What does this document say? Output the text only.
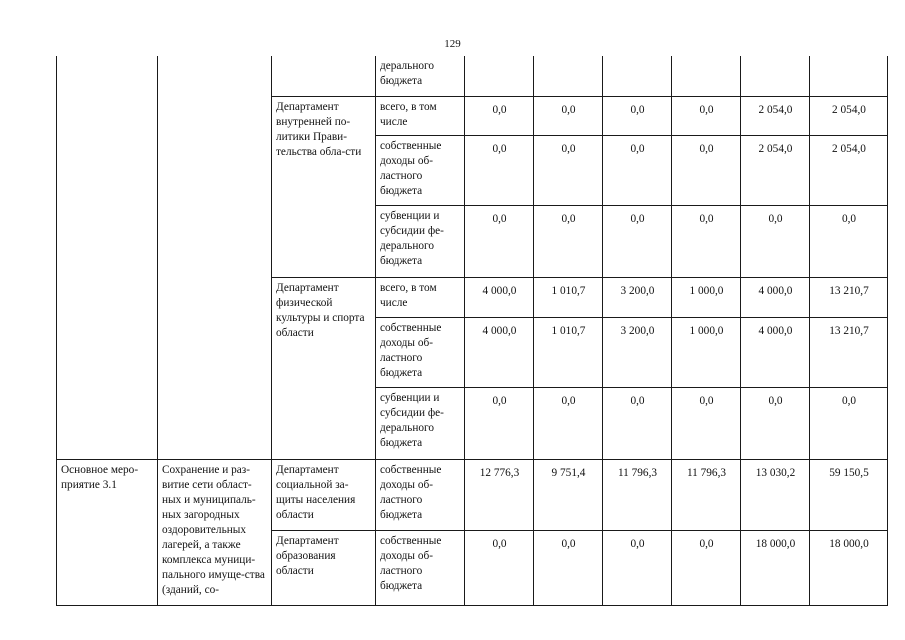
129
			дерального бюджета						
		Департамент внутренней по-литики Прави-тельства обла-сти	всего, в том числе	0,0	0,0	0,0	0,0	2 054,0	2 054,0
			собственные доходы об-ластного бюджета	0,0	0,0	0,0	0,0	2 054,0	2 054,0
			субвенции и субсидии фе-дерального бюджета	0,0	0,0	0,0	0,0	0,0	0,0
		Департамент физической культуры и спорта области	всего, в том числе	4 000,0	1 010,7	3 200,0	1 000,0	4 000,0	13 210,7
			собственные доходы об-ластного бюджета	4 000,0	1 010,7	3 200,0	1 000,0	4 000,0	13 210,7
			субвенции и субсидии фе-дерального бюджета	0,0	0,0	0,0	0,0	0,0	0,0
Основное меро-приятие 3.1	Сохранение и раз-витие сети област-ных и муниципаль-ных загородных оздоровительных лагерей, а также комплекса муници-пального имуще-ства (зданий, со-	Департамент социальной за-щиты населения области	собственные доходы об-ластного бюджета	12 776,3	9 751,4	11 796,3	11 796,3	13 030,2	59 150,5
		Департамент образования области	собственные доходы об-ластного бюджета	0,0	0,0	0,0	0,0	18 000,0	18 000,0
